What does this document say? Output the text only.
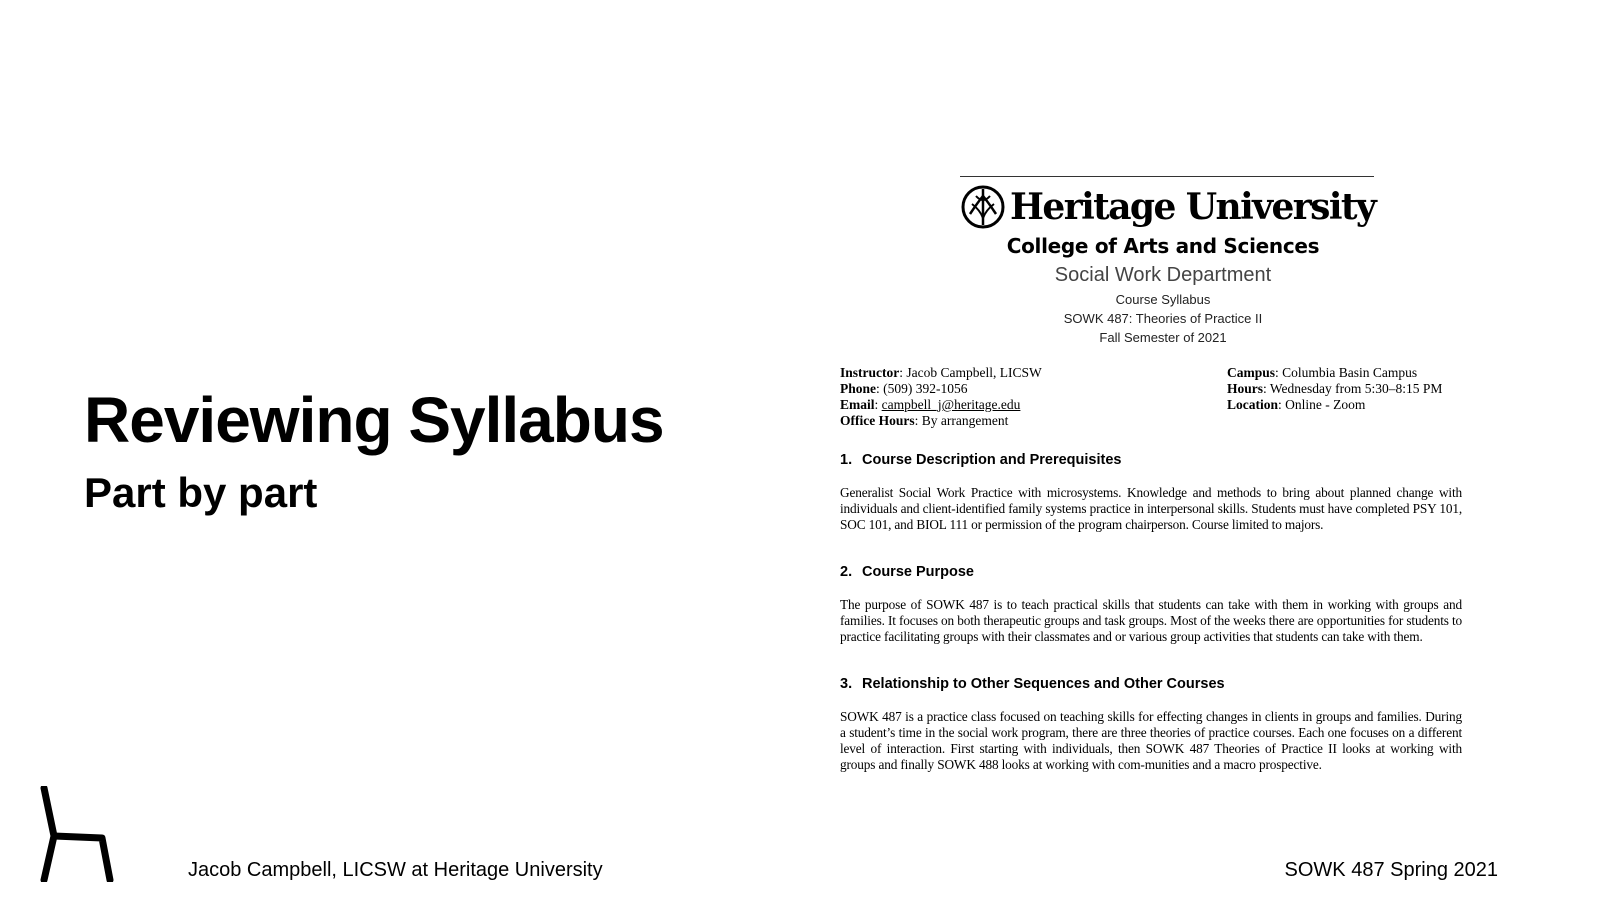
Reviewing Syllabus
Part by part
Jacob Campbell, LICSW at Heritage University	SOWK 487 Spring 2021
Heritage University
College of Arts and Sciences
Social Work Department
Course Syllabus
SOWK 487: Theories of Practice II
Fall Semester of 2021
Instructor: Jacob Campbell, LICSW
Phone: (509) 392-1056
Email: campbell_j@heritage.edu
Office Hours: By arrangement
Campus: Columbia Basin Campus
Hours: Wednesday from 5:30–8:15 PM
Location: Online - Zoom
1. Course Description and Prerequisites
Generalist Social Work Practice with microsystems. Knowledge and methods to bring about planned change with individuals and client-identified family systems practice in interpersonal skills. Students must have completed PSY 101, SOC 101, and BIOL 111 or permission of the program chairperson. Course limited to majors.
2. Course Purpose
The purpose of SOWK 487 is to teach practical skills that students can take with them in working with groups and families. It focuses on both therapeutic groups and task groups. Most of the weeks there are opportunities for students to practice facilitating groups with their classmates and or various group activities that students can take with them.
3. Relationship to Other Sequences and Other Courses
SOWK 487 is a practice class focused on teaching skills for effecting changes in clients in groups and families. During a student’s time in the social work program, there are three theories of practice courses. Each one focuses on a different level of interaction. First starting with individuals, then SOWK 487 Theories of Practice II looks at working with groups and finally SOWK 488 looks at working with com-munities and a macro prospective.
